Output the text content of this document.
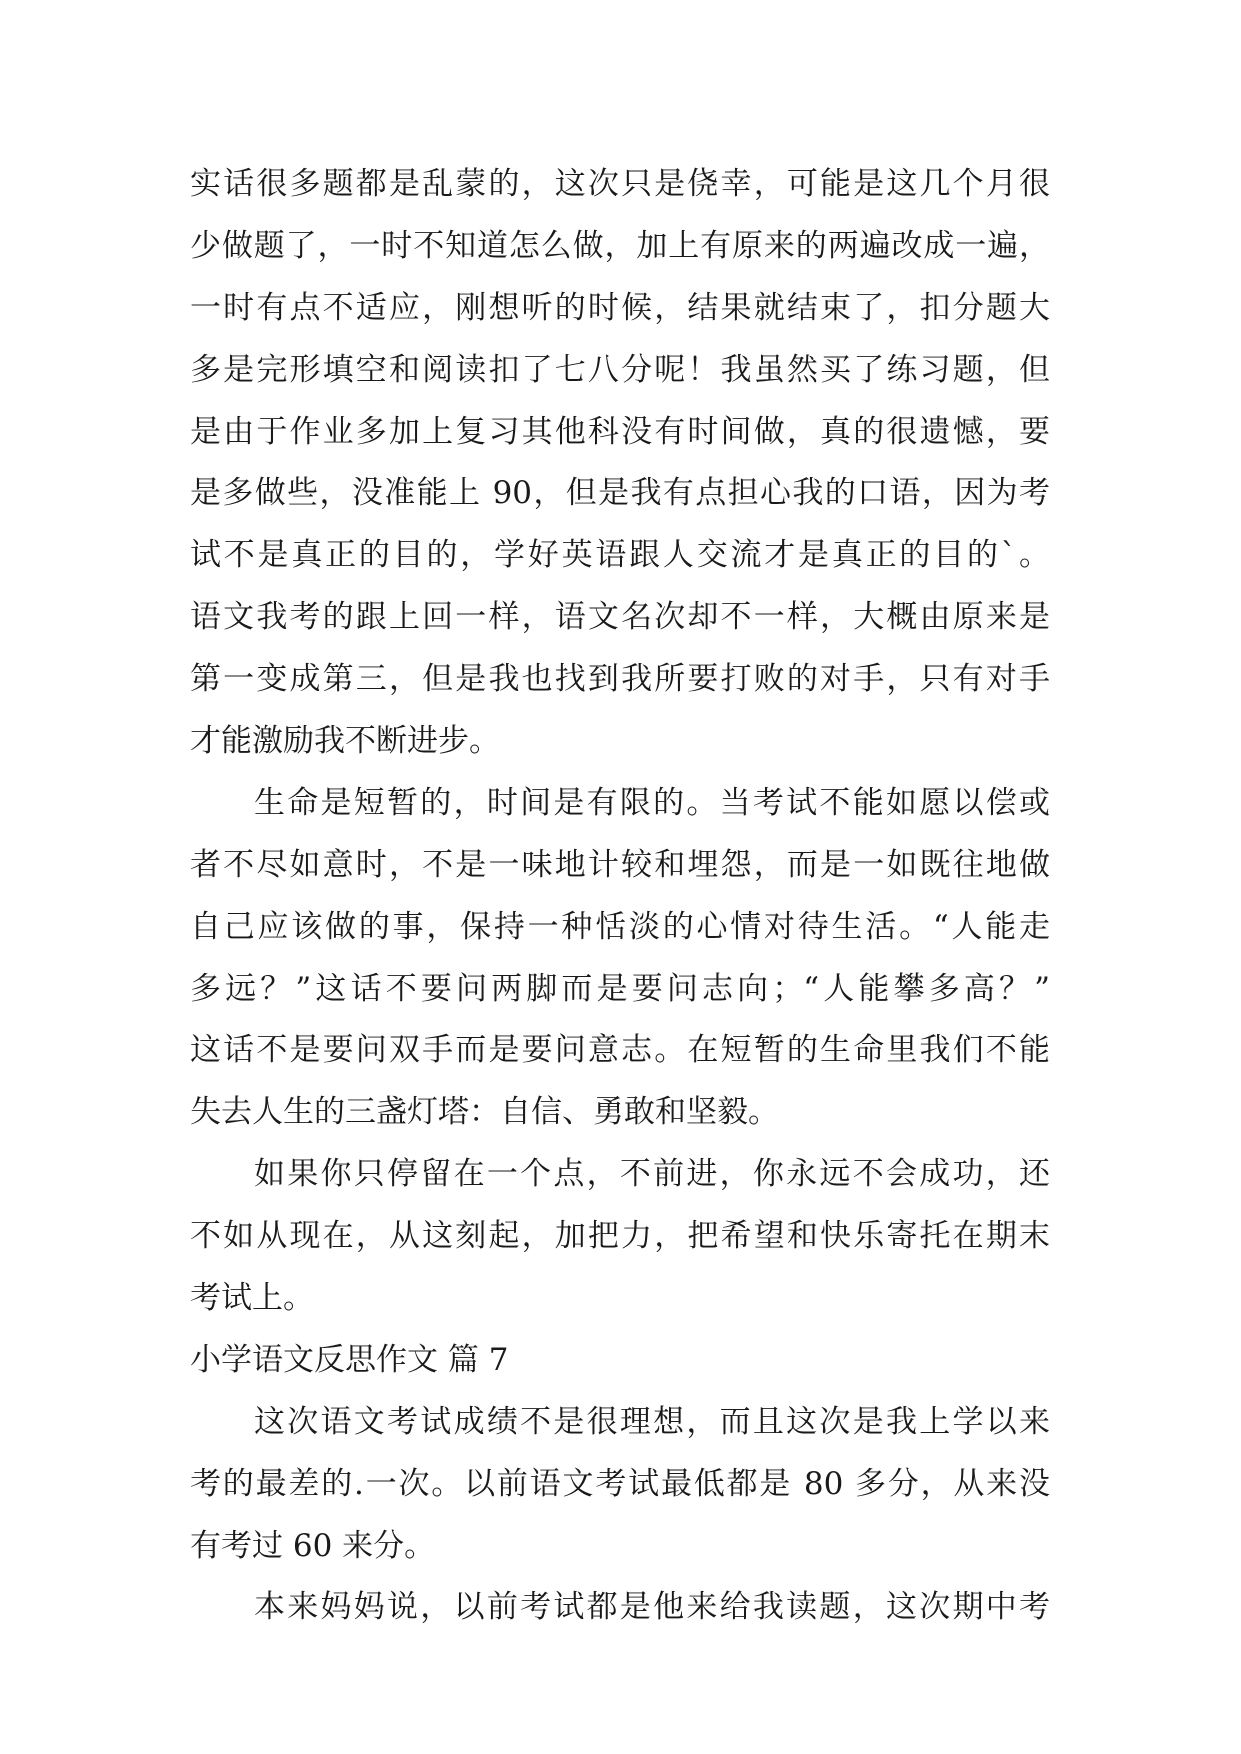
实话很多题都是乱蒙的，这次只是侥幸，可能是这几个月很
少做题了，一时不知道怎么做，加上有原来的两遍改成一遍，
一时有点不适应，刚想听的时候，结果就结束了，扣分题大
多是完形填空和阅读扣了七八分呢！我虽然买了练习题，但
是由于作业多加上复习其他科没有时间做，真的很遗憾，要
是多做些，没准能上 90，但是我有点担心我的口语，因为考
试不是真正的目的，学好英语跟人交流才是真正的目的`。
语文我考的跟上回一样，语文名次却不一样，大概由原来是
第一变成第三，但是我也找到我所要打败的对手，只有对手
才能激励我不断进步。
生命是短暂的，时间是有限的。当考试不能如愿以偿或
者不尽如意时，不是一味地计较和埋怨，而是一如既往地做
自己应该做的事，保持一种恬淡的心情对待生活。“人能走
多远？”这话不要问两脚而是要问志向；“人能攀多高？”
这话不是要问双手而是要问意志。在短暂的生命里我们不能
失去人生的三盏灯塔：自信、勇敢和坚毅。
如果你只停留在一个点，不前进，你永远不会成功，还
不如从现在，从这刻起，加把力，把希望和快乐寄托在期末
考试上。
小学语文反思作文 篇 7
这次语文考试成绩不是很理想，而且这次是我上学以来
考的最差的.一次。以前语文考试最低都是 80 多分，从来没
有考过 60 来分。
本来妈妈说，以前考试都是他来给我读题，这次期中考
